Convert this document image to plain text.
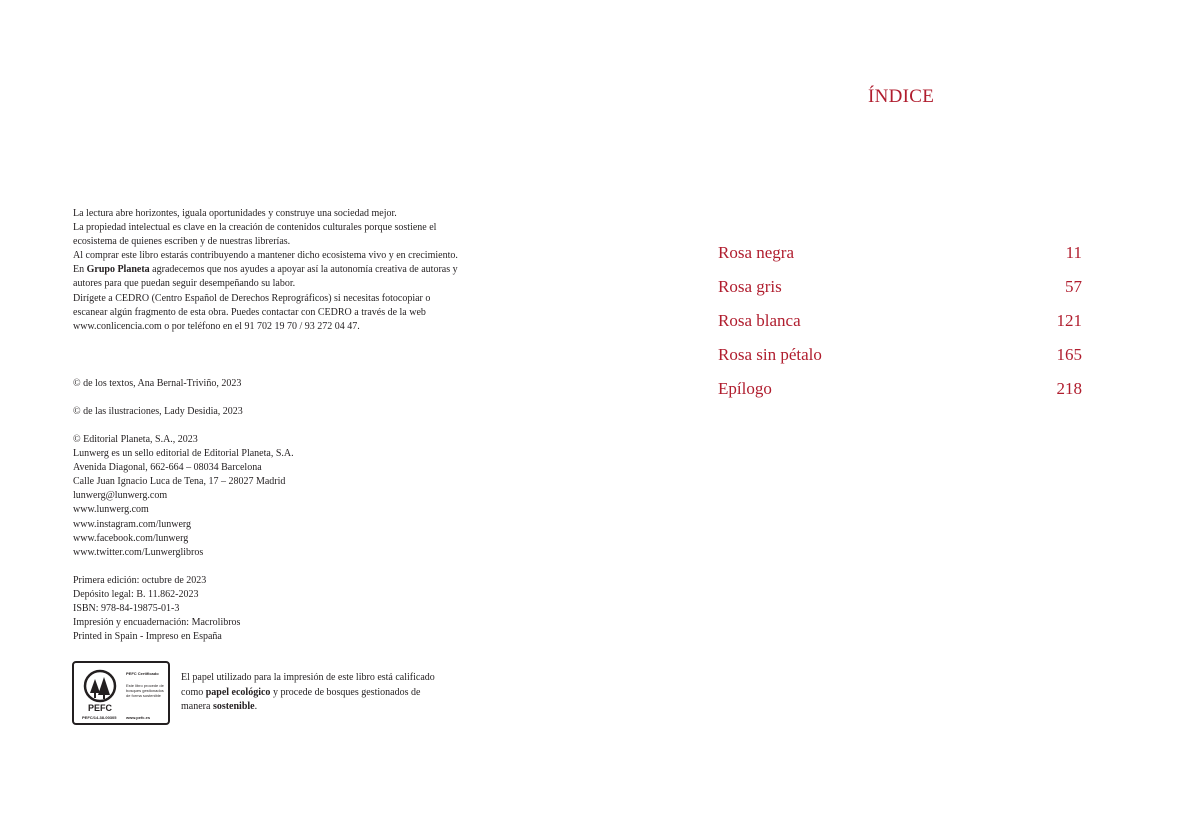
La lectura abre horizontes, iguala oportunidades y construye una sociedad mejor.

La propiedad intelectual es clave en la creación de contenidos culturales porque sostiene el ecosistema de quienes escriben y de nuestras librerías.

Al comprar este libro estarás contribuyendo a mantener dicho ecosistema vivo y en crecimiento.

En Grupo Planeta agradecemos que nos ayudes a apoyar así la autonomía creativa de autoras y autores para que puedan seguir desempeñando su labor.

Dirígete a CEDRO (Centro Español de Derechos Reprográficos) si necesitas fotocopiar o escanear algún fragmento de esta obra. Puedes contactar con CEDRO a través de la web www.conlicencia.com o por teléfono en el 91 702 19 70 / 93 272 04 47.

© de los textos, Ana Bernal-Triviño, 2023

© de las ilustraciones, Lady Desidia, 2023

© Editorial Planeta, S.A., 2023

Lunwerg es un sello editorial de Editorial Planeta, S.A.

Avenida Diagonal, 662-664 – 08034 Barcelona

Calle Juan Ignacio Luca de Tena, 17 – 28027 Madrid

lunwerg@lunwerg.com

www.lunwerg.com

www.instagram.com/lunwerg

www.facebook.com/lunwerg

www.twitter.com/Lunwerglibros

Primera edición: octubre de 2023

Depósito legal: B. 11.862-2023

ISBN: 978-84-19875-01-3

Impresión y encuadernación: Macrolibros

Printed in Spain - Impreso en España

PEFC
PEFC Certificado
Este libro procede de bosques gestionados de forma sostenible
PEFC/14-38-00305 www.pefc.es

El papel utilizado para la impresión de este libro está calificado como papel ecológico y procede de bosques gestionados de manera sostenible.

ÍNDICE
Rosa negra	11
Rosa gris	57
Rosa blanca	121
Rosa sin pétalo	165
Epílogo	218
